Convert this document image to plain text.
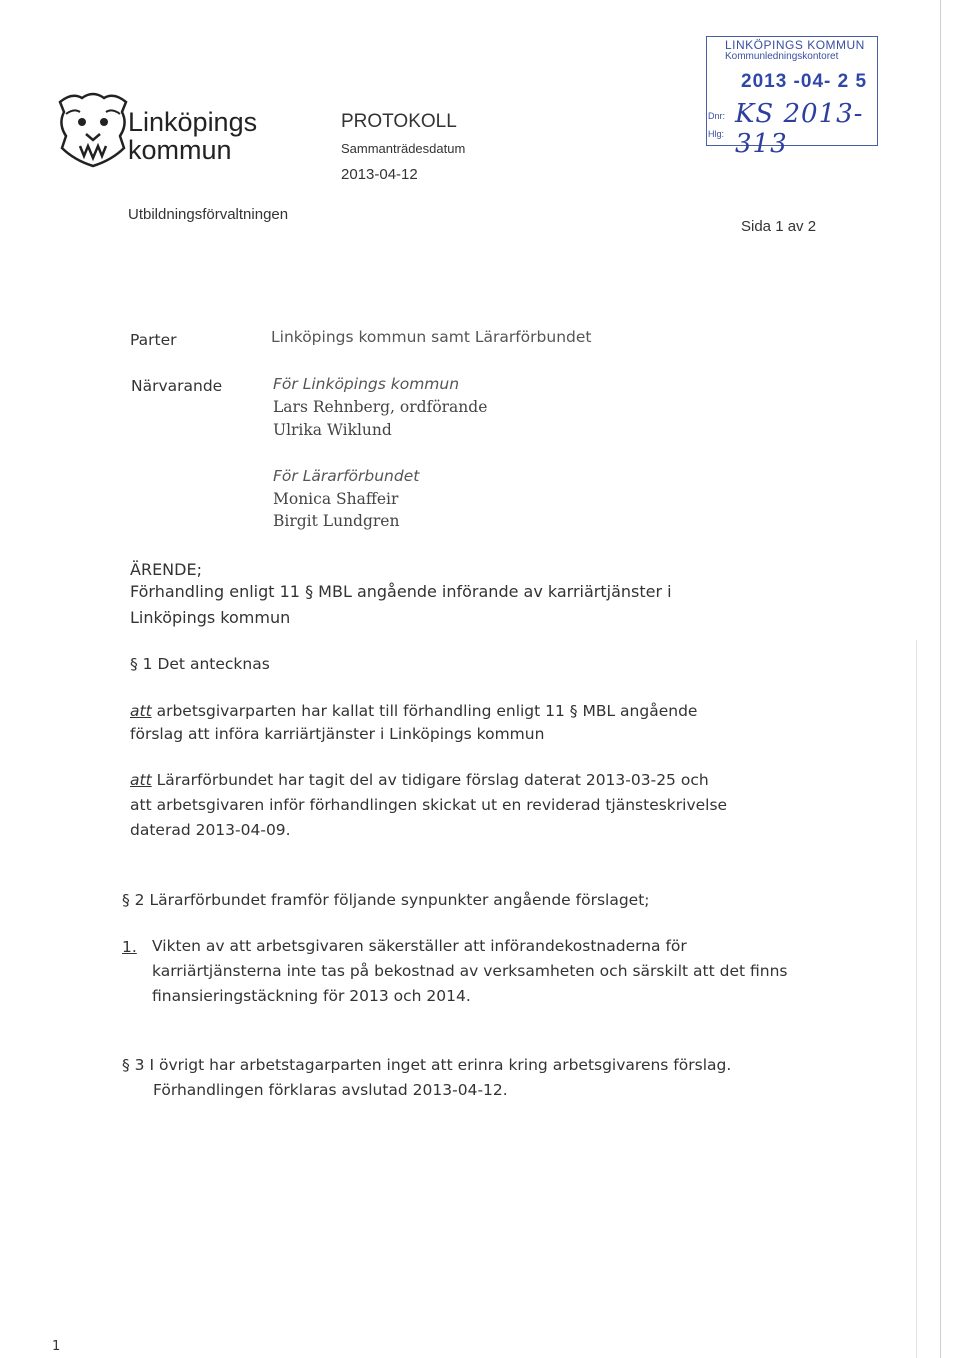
Linköpings
kommun
PROTOKOLL
Sammanträdesdatum
2013-04-12
Utbildningsförvaltningen
Sida 1 av 2
LINKÖPINGS KOMMUN
Kommunledningskontoret
2013 -04- 2 5
Dnr: KS 2013-313
Hlg:
Parter	Linköpings kommun samt Lärarförbundet
Närvarande	För Linköpings kommun
Lars Rehnberg, ordförande
Ulrika Wiklund
För Lärarförbundet
Monica Shaffeir
Birgit Lundgren
ÄRENDE;
Förhandling enligt 11 § MBL angående införande av karriärtjänster i
Linköpings kommun
§ 1 Det antecknas
att arbetsgivarparten har kallat till förhandling enligt 11 § MBL angående
förslag att införa karriärtjänster i Linköpings kommun
att Lärarförbundet har tagit del av tidigare förslag daterat 2013-03-25 och
att arbetsgivaren inför förhandlingen skickat ut en reviderad tjänsteskrivelse
daterad 2013-04-09.
§ 2 Lärarförbundet framför följande synpunkter angående förslaget;
1. Vikten av att arbetsgivaren säkerställer att införandekostnaderna för
karriärtjänsterna inte tas på bekostnad av verksamheten och särskilt att det finns
finansieringstäckning för 2013 och 2014.
§ 3 I övrigt har arbetstagarparten inget att erinra kring arbetsgivarens förslag.
Förhandlingen förklaras avslutad 2013-04-12.
1
